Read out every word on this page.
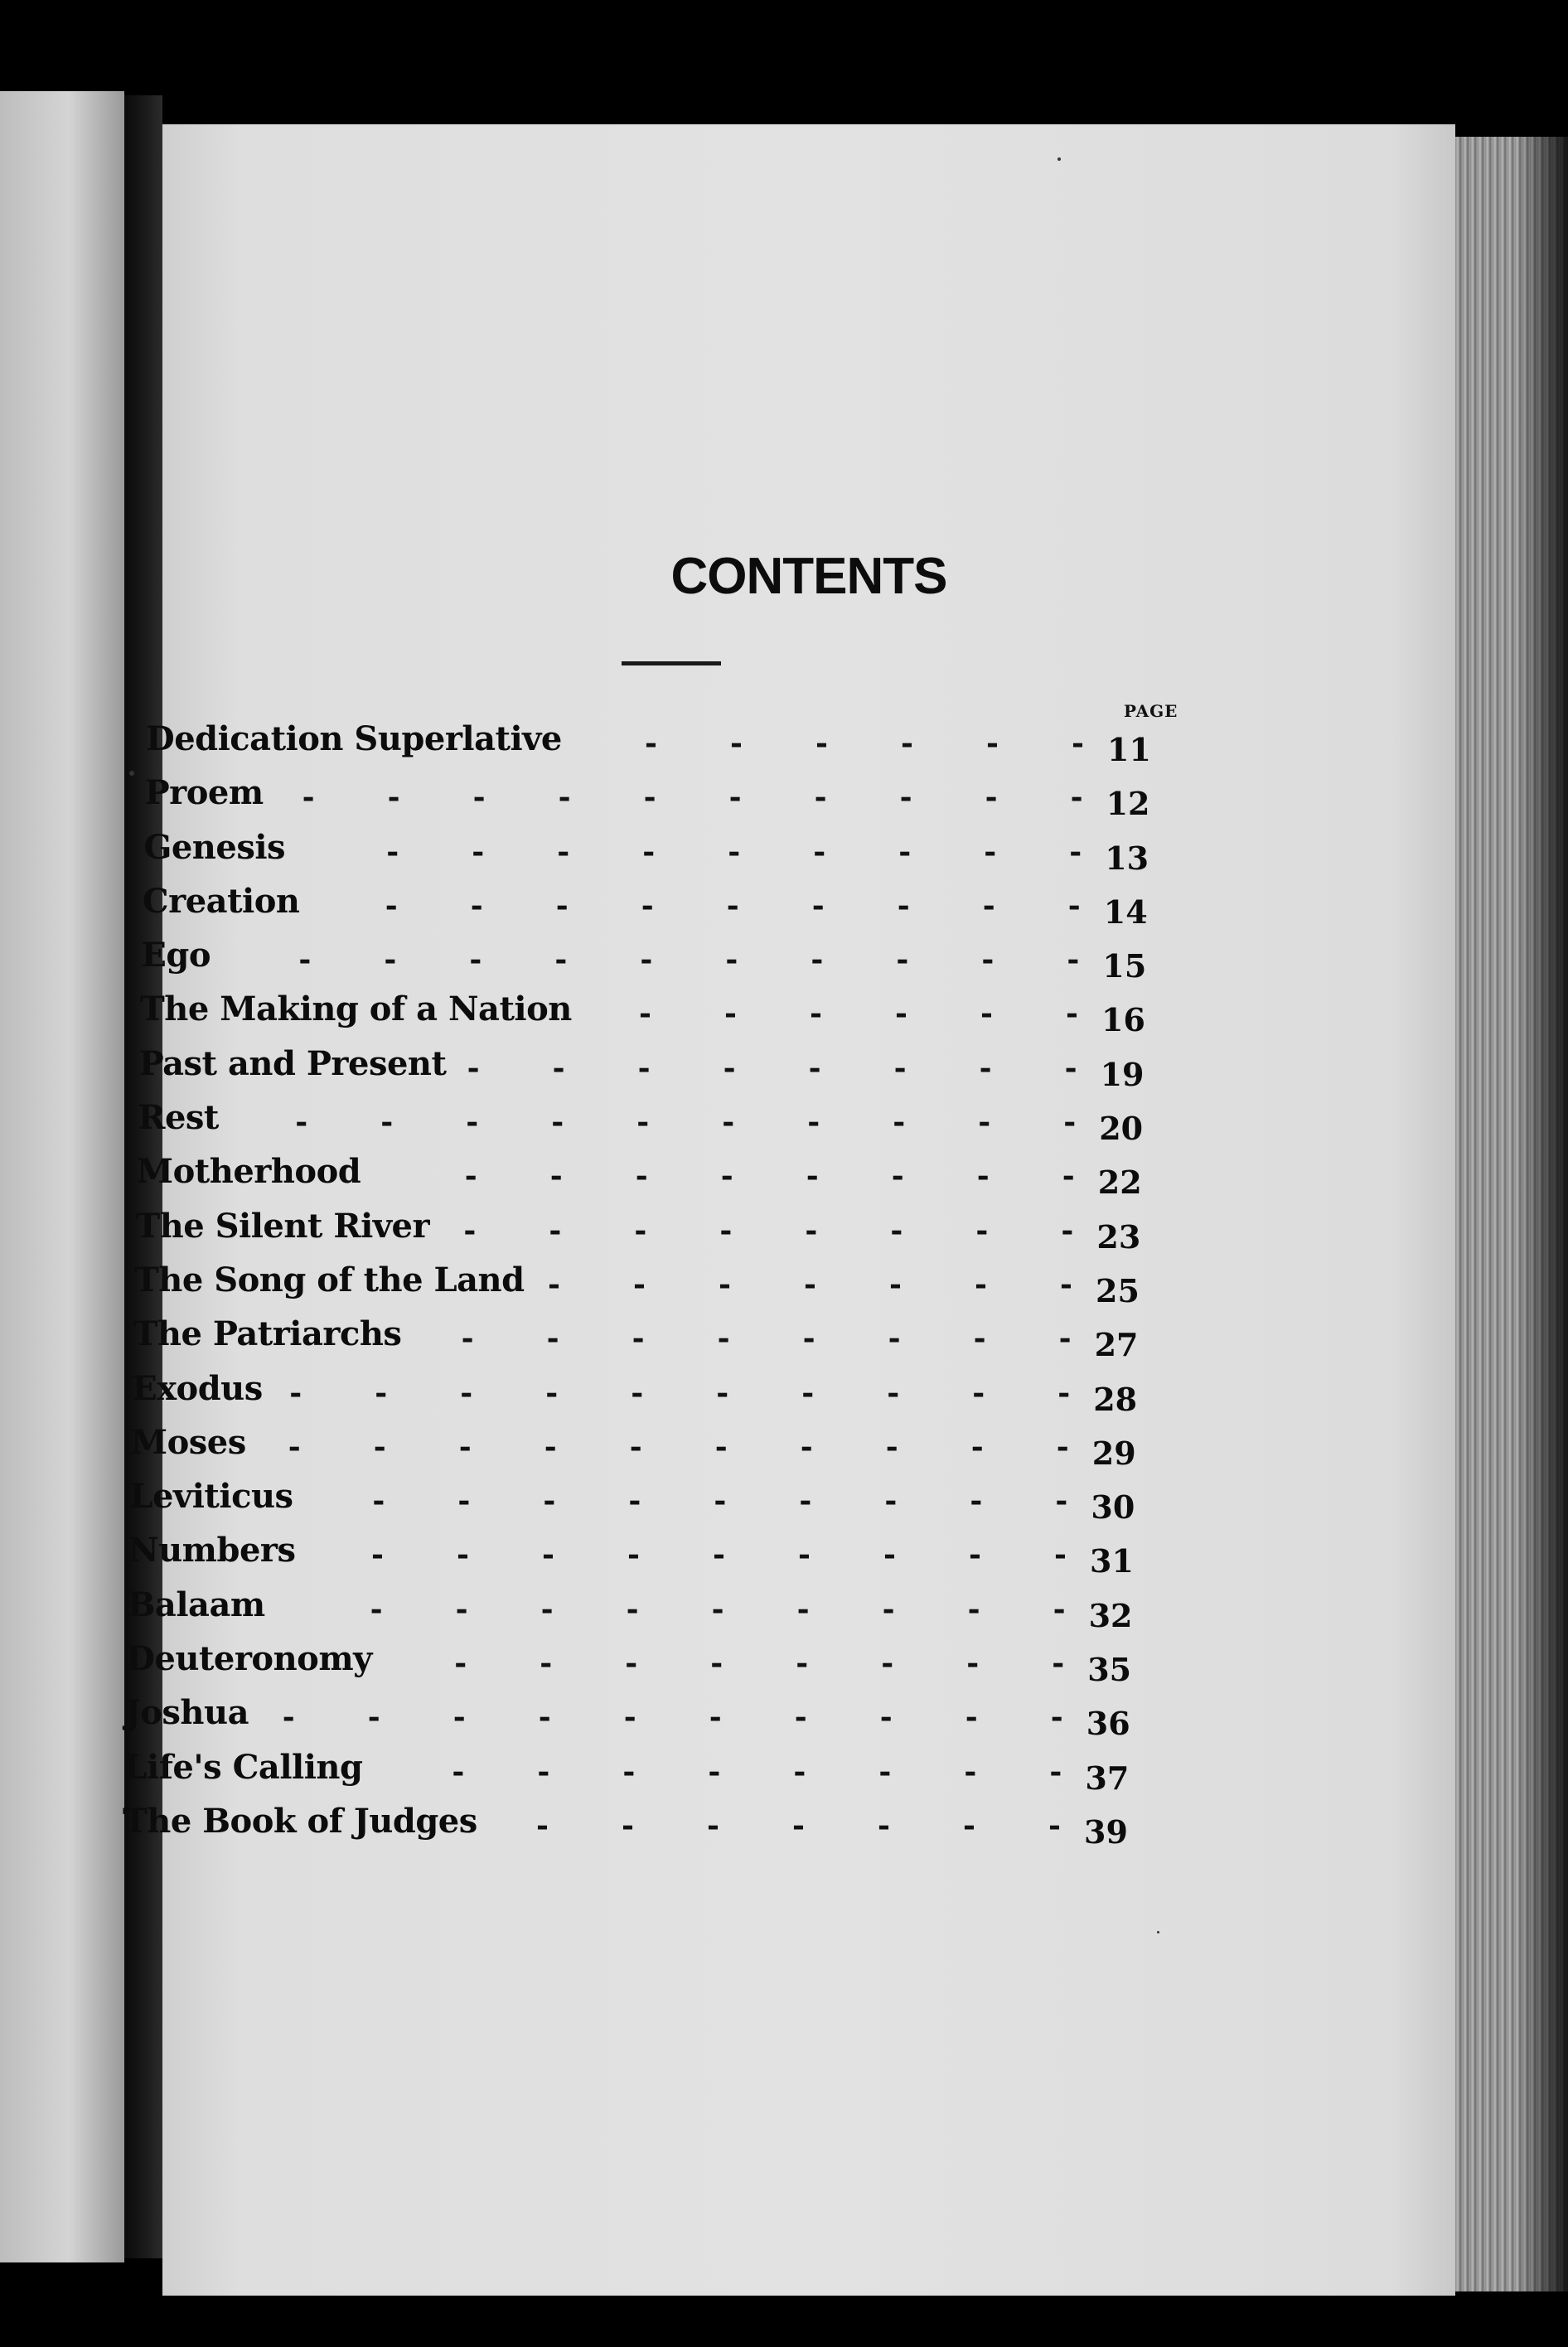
CONTENTS
PAGE
Dedication Superlative	- - - - - - 11
Proem - - - - - - - - - - 12
Genesis	- - - - - - - - - 13
Creation	- - - - - - - - - 14
Ego	- - - - - - - - - - 15
The Making of a Nation - - - - - - 16
Past and Present - - - - - - - - 19
Rest	- - - - - - - - - - 20
Motherhood	- - - - - - - - 22
The Silent River - - - - - - - - 23
The Song of the Land - - - - - - - 25
The Patriarchs - - - - - - - - 27
Exodus - - - - - - - - - - 28
Moses - - - - - - - - - - 29
Leviticus	- - - - - - - - - 30
Numbers	- - - - - - - - - 31
Balaam	- - - - - - - - - 32
Deuteronomy	- - - - - - - - 35
Joshua - - - - - - - - - - 36
Life's Calling	- - - - - - - - 37
The Book of Judges - - - - - - - 39
